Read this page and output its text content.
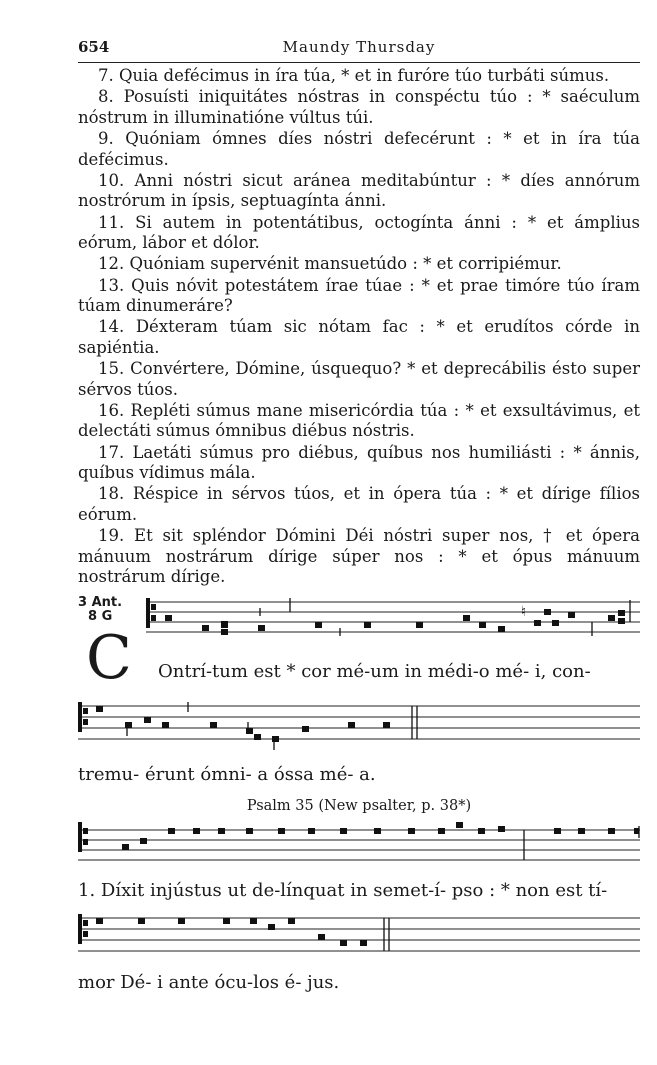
654	Maundy Thursday

7. Quia defécimus in íra túa, * et in furóre túo turbáti súmus.

8. Posuísti iniquitátes nóstras in conspéctu túo : * saéculum nóstrum in illuminatióne vúltus túi.

9. Quóniam ómnes díes nóstri defecérunt : * et in íra túa defécimus.

10. Anni nóstri sicut aránea meditabúntur : * díes annórum nostrórum in ípsis, septuagínta ánni.

11. Si autem in potentátibus, octogínta ánni : * et ámplius eórum, lábor et dólor.

12. Quóniam supervénit mansuetúdo : * et corripiémur.

13. Quis nóvit potestátem írae túae : * et prae timóre túo íram túam dinumeráre?

14. Déxteram túam sic nótam fac : * et erudítos córde in sapiéntia.

15. Convértere, Dómine, úsquequo? * et deprecábilis ésto super sérvos túos.

16. Repléti súmus mane misericórdia túa : * et exsultávimus, et delectáti súmus ómnibus diébus nóstris.

17. Laetáti súmus pro diébus, quíbus nos humiliásti : * ánnis, quíbus vídimus mála.

18. Réspice in sérvos túos, et in ópera túa : * et dírige fílios eórum.

19. Et sit spléndor Dómini Déi nóstri super nos, † et ópera mánuum nostrárum dírige súper nos : * et ópus mánuum nostrárum dírige.

3 Ant.
8 G	♮
C Ontrí-tum est * cor mé-um in médi-o mé- i, con-
tremu- érunt ómni- a óssa mé- a.
Psalm 35 (New psalter, p. 38*)
1. Díxit injústus ut de-línquat in semet-í- pso : * non est tí-
mor Dé- i ante ócu-los é- jus.
